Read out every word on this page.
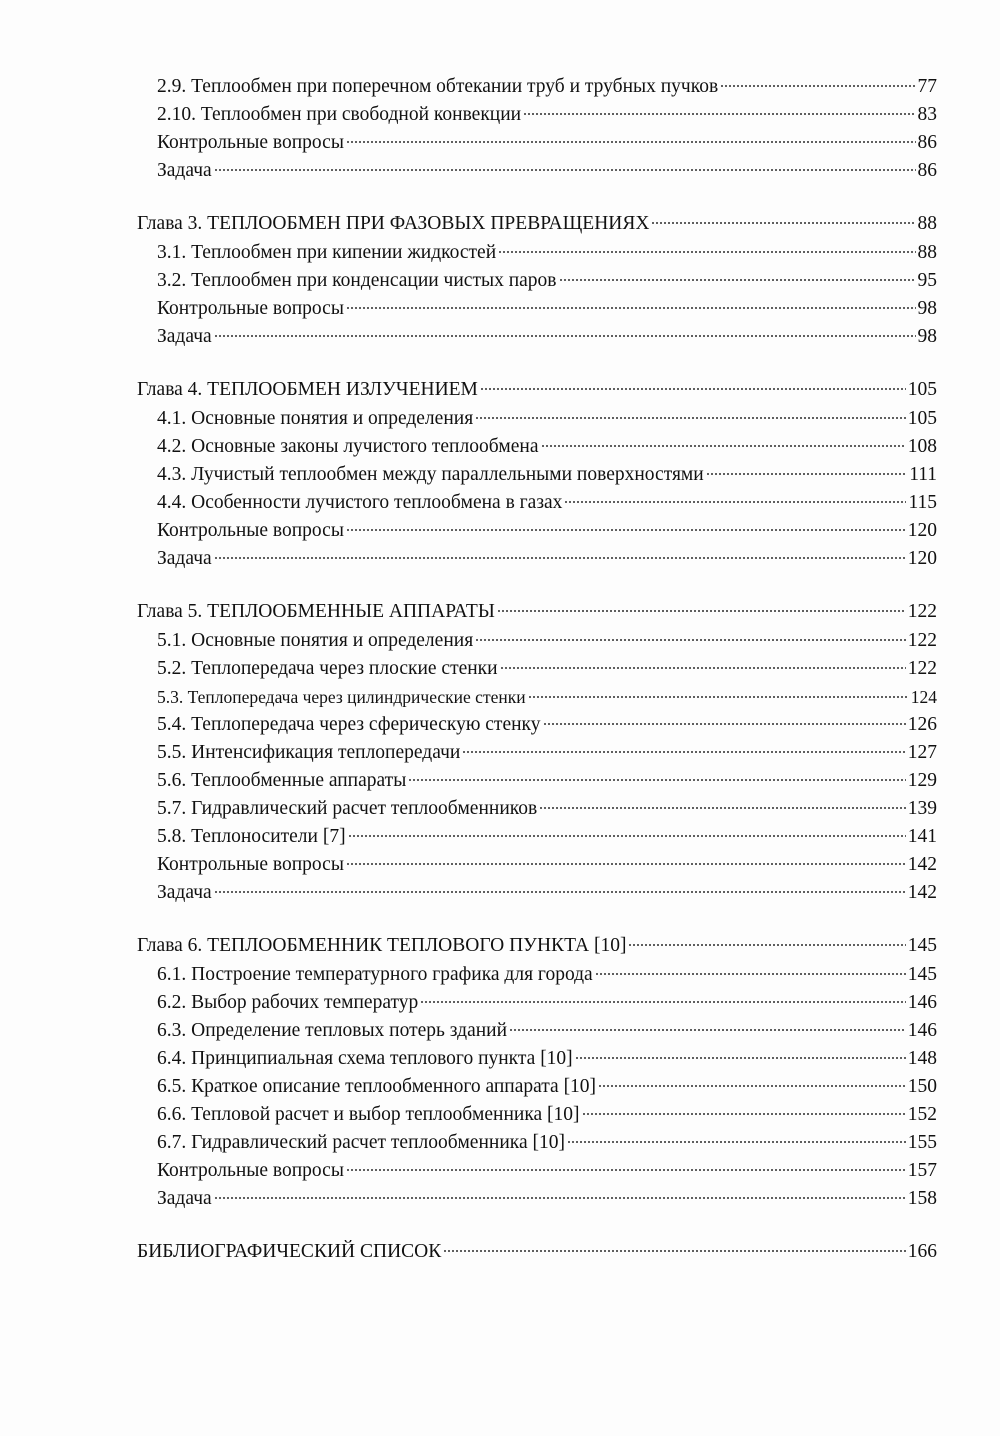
2.9. Теплообмен при поперечном обтекании труб и трубных пучков	77
2.10. Теплообмен при свободной конвекции	83
Контрольные вопросы	86
Задача	86
Глава 3. ТЕПЛООБМЕН ПРИ ФАЗОВЫХ ПРЕВРАЩЕНИЯХ	88
3.1. Теплообмен при кипении жидкостей	88
3.2. Теплообмен при конденсации чистых паров	95
Контрольные вопросы	98
Задача	98
Глава 4. ТЕПЛООБМЕН ИЗЛУЧЕНИЕМ	105
4.1. Основные понятия и определения	105
4.2. Основные законы лучистого теплообмена	108
4.3. Лучистый теплообмен между параллельными поверхностями	111
4.4. Особенности лучистого теплообмена в газах	115
Контрольные вопросы	120
Задача	120
Глава 5. ТЕПЛООБМЕННЫЕ АППАРАТЫ	122
5.1. Основные понятия и определения	122
5.2. Теплопередача через плоские стенки	122
5.3. Теплопередача через цилиндрические стенки	124
5.4. Теплопередача через сферическую стенку	126
5.5. Интенсификация теплопередачи	127
5.6. Теплообменные аппараты	129
5.7. Гидравлический расчет теплообменников	139
5.8. Теплоносители [7]	141
Контрольные вопросы	142
Задача	142
Глава 6. ТЕПЛООБМЕННИК ТЕПЛОВОГО ПУНКТА [10]	145
6.1. Построение температурного графика для города	145
6.2. Выбор рабочих температур	146
6.3. Определение тепловых потерь зданий	146
6.4. Принципиальная схема теплового пункта [10]	148
6.5. Краткое описание теплообменного аппарата [10]	150
6.6. Тепловой расчет и выбор теплообменника [10]	152
6.7. Гидравлический расчет теплообменника [10]	155
Контрольные вопросы	157
Задача	158
БИБЛИОГРАФИЧЕСКИЙ СПИСОК	166
